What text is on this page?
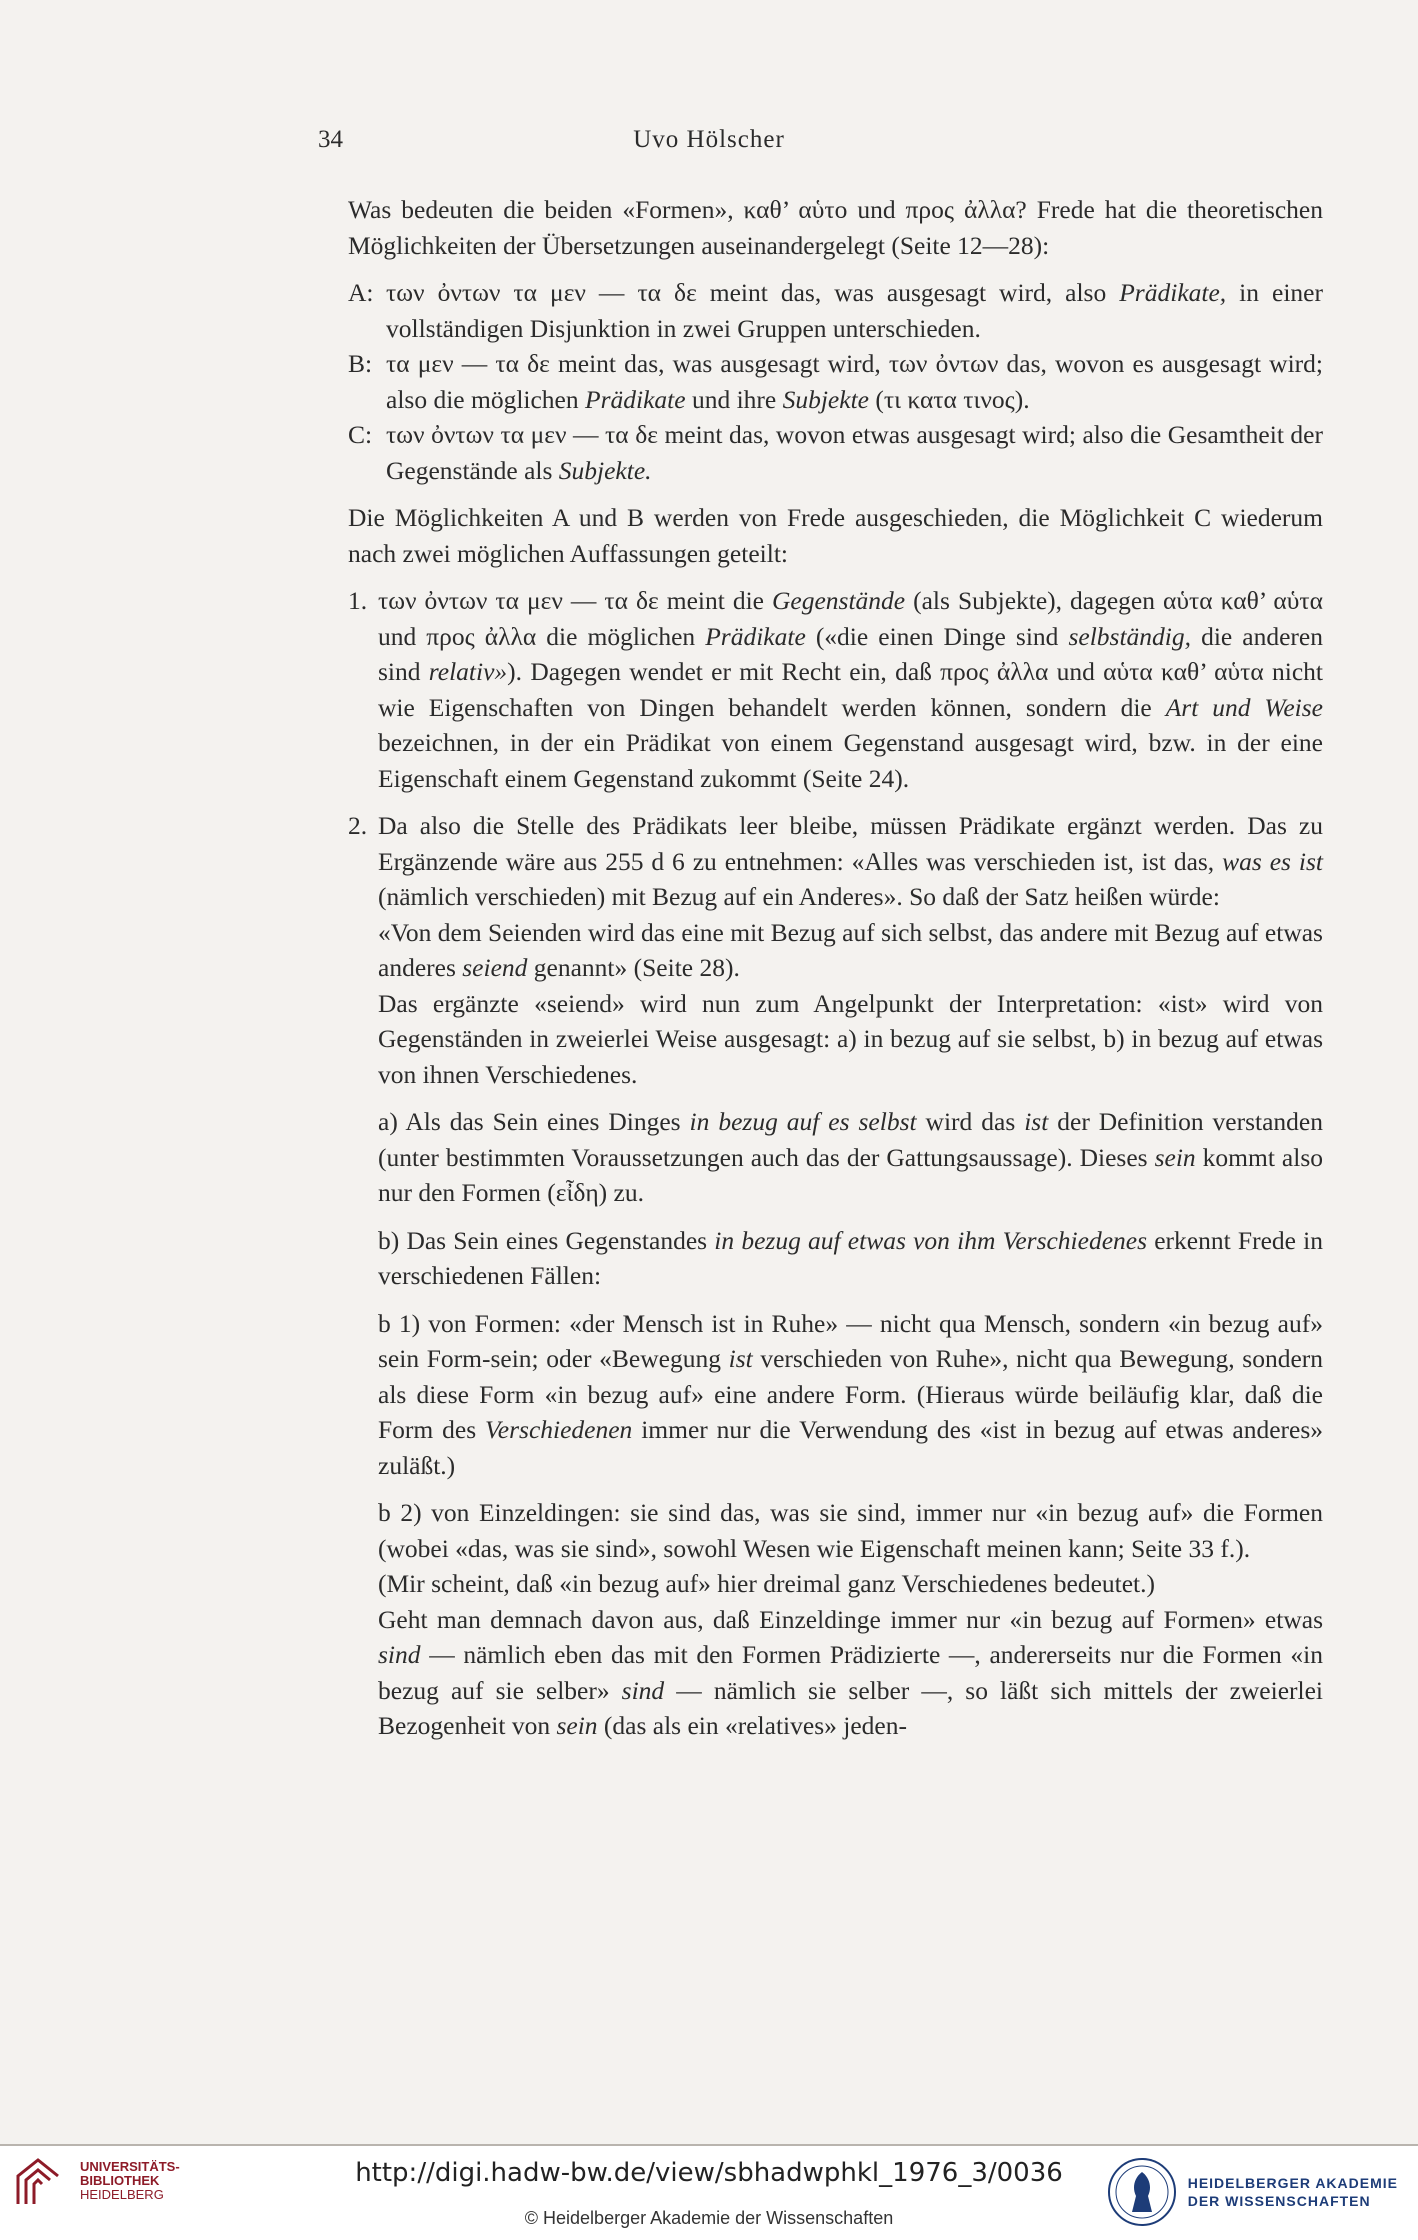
34	Uvo Hölscher

Was bedeuten die beiden «Formen», καθ’ αὑτο und προς ἀλλα? Frede hat die theoretischen Möglichkeiten der Übersetzungen auseinandergelegt (Seite 12—28):

A: των ὀντων τα μεν — τα δε meint das, was ausgesagt wird, also Prädikate, in einer vollständigen Disjunktion in zwei Gruppen unterschieden.
B: τα μεν — τα δε meint das, was ausgesagt wird, των ὀντων das, wovon es ausgesagt wird; also die möglichen Prädikate und ihre Subjekte (τι κατα τινος).
C: των ὀντων τα μεν — τα δε meint das, wovon etwas ausgesagt wird; also die Gesamtheit der Gegenstände als Subjekte.

Die Möglichkeiten A und B werden von Frede ausgeschieden, die Möglichkeit C wiederum nach zwei möglichen Auffassungen geteilt:

1. των ὀντων τα μεν — τα δε meint die Gegenstände (als Subjekte), dagegen αὑτα καθ’ αὑτα und προς ἀλλα die möglichen Prädikate («die einen Dinge sind selbständig, die anderen sind relativ»). Dagegen wendet er mit Recht ein, daß προς ἀλλα und αὑτα καθ’ αὑτα nicht wie Eigenschaften von Dingen behandelt werden können, sondern die Art und Weise bezeichnen, in der ein Prädikat von einem Gegenstand ausgesagt wird, bzw. in der eine Eigenschaft einem Gegenstand zukommt (Seite 24).
2. Da also die Stelle des Prädikats leer bleibe, müssen Prädikate ergänzt werden. Das zu Ergänzende wäre aus 255 d 6 zu entnehmen: «Alles was verschieden ist, ist das, was es ist (nämlich verschieden) mit Bezug auf ein Anderes». So daß der Satz heißen würde:

«Von dem Seienden wird das eine mit Bezug auf sich selbst, das andere mit Bezug auf etwas anderes seiend genannt» (Seite 28).

Das ergänzte «seiend» wird nun zum Angelpunkt der Interpretation: «ist» wird von Gegenständen in zweierlei Weise ausgesagt: a) in bezug auf sie selbst, b) in bezug auf etwas von ihnen Verschiedenes.

a) Als das Sein eines Dinges in bezug auf es selbst wird das ist der Definition verstanden (unter bestimmten Voraussetzungen auch das der Gattungsaussage). Dieses sein kommt also nur den Formen (εἶδη) zu.

b) Das Sein eines Gegenstandes in bezug auf etwas von ihm Verschiedenes erkennt Frede in verschiedenen Fällen:

b 1) von Formen: «der Mensch ist in Ruhe» — nicht qua Mensch, sondern «in bezug auf» sein Form-sein; oder «Bewegung ist verschieden von Ruhe», nicht qua Bewegung, sondern als diese Form «in bezug auf» eine andere Form. (Hieraus würde beiläufig klar, daß die Form des Verschiedenen immer nur die Verwendung des «ist in bezug auf etwas anderes» zuläßt.)

b 2) von Einzeldingen: sie sind das, was sie sind, immer nur «in bezug auf» die Formen (wobei «das, was sie sind», sowohl Wesen wie Eigenschaft meinen kann; Seite 33 f.).

(Mir scheint, daß «in bezug auf» hier dreimal ganz Verschiedenes bedeutet.)

Geht man demnach davon aus, daß Einzeldinge immer nur «in bezug auf Formen» etwas sind — nämlich eben das mit den Formen Prädizierte —, andererseits nur die Formen «in bezug auf sie selber» sind — nämlich sie selber —, so läßt sich mittels der zweierlei Bezogenheit von sein (das als ein «relatives» jeden-

UNIVERSITÄTS-
BIBLIOTHEK
HEIDELBERG
http://digi.hadw-bw.de/view/sbhadwphkl_1976_3/0036
© Heidelberger Akademie der Wissenschaften
HEIDELBERGER AKADEMIE
DER WISSENSCHAFTEN
